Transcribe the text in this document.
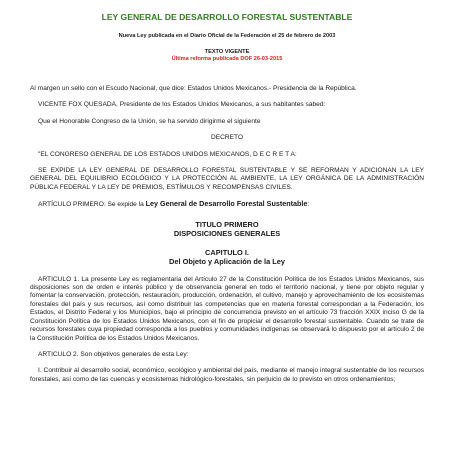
LEY GENERAL DE DESARROLLO FORESTAL SUSTENTABLE
Nueva Ley publicada en el Diario Oficial de la Federación el 25 de febrero de 2003
TEXTO VIGENTE
Última reforma publicada DOF 26-03-2015

Al margen un sello con el Escudo Nacional, que dice: Estados Unidos Mexicanos.- Presidencia de la República.

VICENTE FOX QUESADA, Presidente de los Estados Unidos Mexicanos, a sus habitantes sabed:

Que el Honorable Congreso de la Unión, se ha servido dirigirme el siguiente

DECRETO

"EL CONGRESO GENERAL DE LOS ESTADOS UNIDOS MEXICANOS, D E C R E T A:

SE EXPIDE LA LEY GENERAL DE DESARROLLO FORESTAL SUSTENTABLE Y SE REFORMAN Y ADICIONAN LA LEY GENERAL DEL EQUILIBRIO ECOLÓGICO Y LA PROTECCIÓN AL AMBIENTE, LA LEY ORGÁNICA DE LA ADMINISTRACIÓN PÚBLICA FEDERAL Y LA LEY DE PREMIOS, ESTÍMULOS Y RECOMPENSAS CIVILES.

ARTÍCULO PRIMERO. Se expide la Ley General de Desarrollo Forestal Sustentable:

TITULO PRIMERO

DISPOSICIONES GENERALES

CAPITULO I.

Del Objeto y Aplicación de la Ley

ARTICULO 1. La presente Ley es reglamentaria del Artículo 27 de la Constitución Política de los Estados Unidos Mexicanos, sus disposiciones son de orden e interés público y de observancia general en todo el territorio nacional, y tiene por objeto regular y fomentar la conservación, protección, restauración, producción, ordenación, el cultivo, manejo y aprovechamiento de los ecosistemas forestales del país y sus recursos, así como distribuir las competencias que en materia forestal correspondan a la Federación, los Estados, el Distrito Federal y los Municipios, bajo el principio de concurrencia previsto en el artículo 73 fracción XXIX inciso G de la Constitución Política de los Estados Unidos Mexicanos, con el fin de propiciar el desarrollo forestal sustentable. Cuando se trate de recursos forestales cuya propiedad corresponda a los pueblos y comunidades indígenas se observará lo dispuesto por el artículo 2 de la Constitución Política de los Estados Unidos Mexicanos.

ARTICULO 2. Son objetivos generales de esta Ley:

I. Contribuir al desarrollo social, económico, ecológico y ambiental del país, mediante el manejo integral sustentable de los recursos forestales, así como de las cuencas y ecosistemas hidrológico-forestales, sin perjuicio de lo previsto en otros ordenamientos;
